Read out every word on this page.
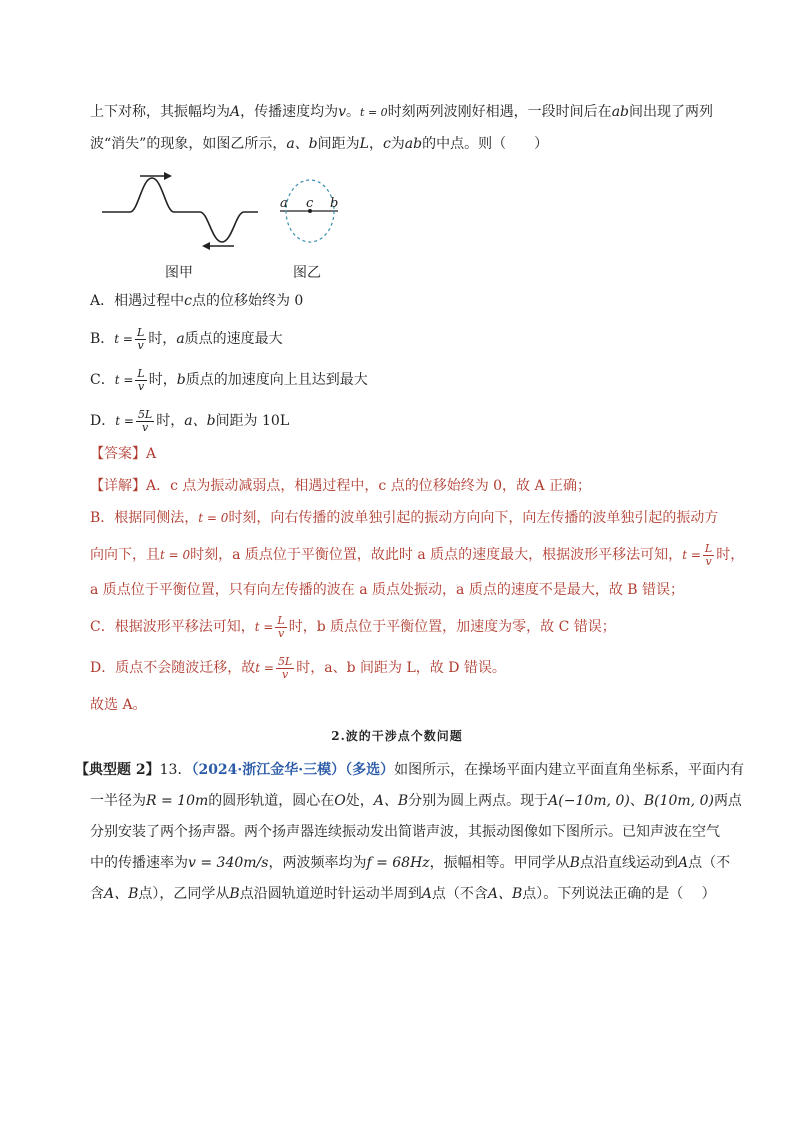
上下对称，其振幅均为A，传播速度均为v。t = 0时刻两列波刚好相遇，一段时间后在ab间出现了两列
波“消失”的现象，如图乙所示，a、b间距为L，c为ab的中点。则（　　）
a c b
图甲	图乙
A．相遇过程中c点的位移始终为 0
B．$t = \frac{L}{v}$ 时，a质点的速度最大
C．$t = \frac{L}{v}$ 时，b质点的加速度向上且达到最大
D．$t = \frac{5L}{v}$ 时，a、b间距为 10L
【答案】A
【详解】A．c 点为振动减弱点，相遇过程中，c 点的位移始终为 0，故 A 正确；
B．根据同侧法，t = 0时刻，向右传播的波单独引起的振动方向向下，向左传播的波单独引起的振动方
向向下，且t = 0时刻，a 质点位于平衡位置，故此时 a 质点的速度最大，根据波形平移法可知，$t = \frac{L}{v}$ 时，
a 质点位于平衡位置，只有向左传播的波在 a 质点处振动，a 质点的速度不是最大，故 B 错误；
C．根据波形平移法可知，$t = \frac{L}{v}$ 时，b 质点位于平衡位置，加速度为零，故 C 错误；
D．质点不会随波迁移，故$t = \frac{5L}{v}$ 时，a、b 间距为 L，故 D 错误。
故选 A。
2.波的干涉点个数问题
【典型题 2】13．（2024·浙江金华·三模）（多选）如图所示，在操场平面内建立平面直角坐标系，平面内有
一半径为R = 10m的圆形轨道，圆心在O处，A、B分别为圆上两点。现于A(−10m, 0)、B(10m, 0)两点
分别安装了两个扬声器。两个扬声器连续振动发出简谐声波，其振动图像如下图所示。已知声波在空气
中的传播速率为v = 340m/s，两波频率均为f = 68Hz，振幅相等。甲同学从B点沿直线运动到A点（不
含A、B点），乙同学从B点沿圆轨道逆时针运动半周到A点（不含A、B点）。下列说法正确的是（　 ）
